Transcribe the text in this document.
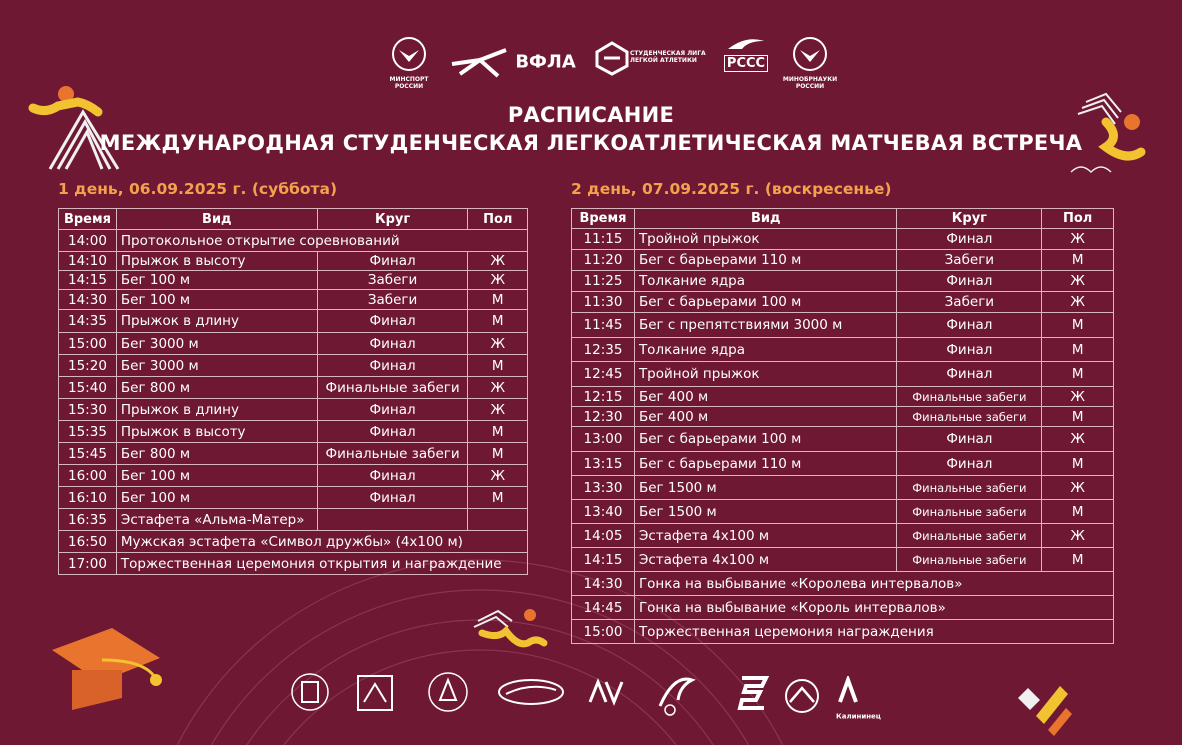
МИНСПОРТ РОССИИ
ВФЛА	СТУДЕНЧЕСКАЯ ЛИГА ЛЕГКОЙ АТЛЕТИКИ	РССС
МИНОБРНАУКИ РОССИИ
РАСПИСАНИЕ
МЕЖДУНАРОДНАЯ СТУДЕНЧЕСКАЯ ЛЕГКОАТЛЕТИЧЕСКАЯ МАТЧЕВАЯ ВСТРЕЧА
1 день, 06.09.2025 г. (суббота)	2 день, 07.09.2025 г. (воскресенье)
Время	Вид	Круг	Пол
14:00	Протокольное открытие соревнований		
14:10	Прыжок в высоту	Финал	Ж
14:15	Бег 100 м	Забеги	Ж
14:30	Бег 100 м	Забеги	М
14:35	Прыжок в длину	Финал	М
15:00	Бег 3000 м	Финал	Ж
15:20	Бег 3000 м	Финал	М
15:40	Бег 800 м	Финальные забеги	Ж
15:30	Прыжок в длину	Финал	Ж
15:35	Прыжок в высоту	Финал	М
15:45	Бег 800 м	Финальные забеги	М
16:00	Бег 100 м	Финал	Ж
16:10	Бег 100 м	Финал	М
16:35	Эстафета «Альма-Матер»		
16:50	Мужская эстафета «Символ дружбы» (4х100 м)		
17:00	Торжественная церемония открытия и награждение		
Время	Вид	Круг	Пол
11:15	Тройной прыжок	Финал	Ж
11:20	Бег с барьерами 110 м	Забеги	М
11:25	Толкание ядра	Финал	Ж
11:30	Бег с барьерами 100 м	Забеги	Ж
11:45	Бег с препятствиями 3000 м	Финал	М
12:35	Толкание ядра	Финал	М
12:45	Тройной прыжок	Финал	М
12:15	Бег 400 м	Финальные забеги	Ж
12:30	Бег 400 м	Финальные забеги	М
13:00	Бег с барьерами 100 м	Финал	Ж
13:15	Бег с барьерами 110 м	Финал	М
13:30	Бег 1500 м	Финальные забеги	Ж
13:40	Бег 1500 м	Финальные забеги	М
14:05	Эстафета 4х100 м	Финальные забеги	Ж
14:15	Эстафета 4х100 м	Финальные забеги	М
14:30	Гонка на выбывание «Королева интервалов»		
14:45	Гонка на выбывание «Король интервалов»		
15:00	Торжественная церемония награждения		
Калининец
